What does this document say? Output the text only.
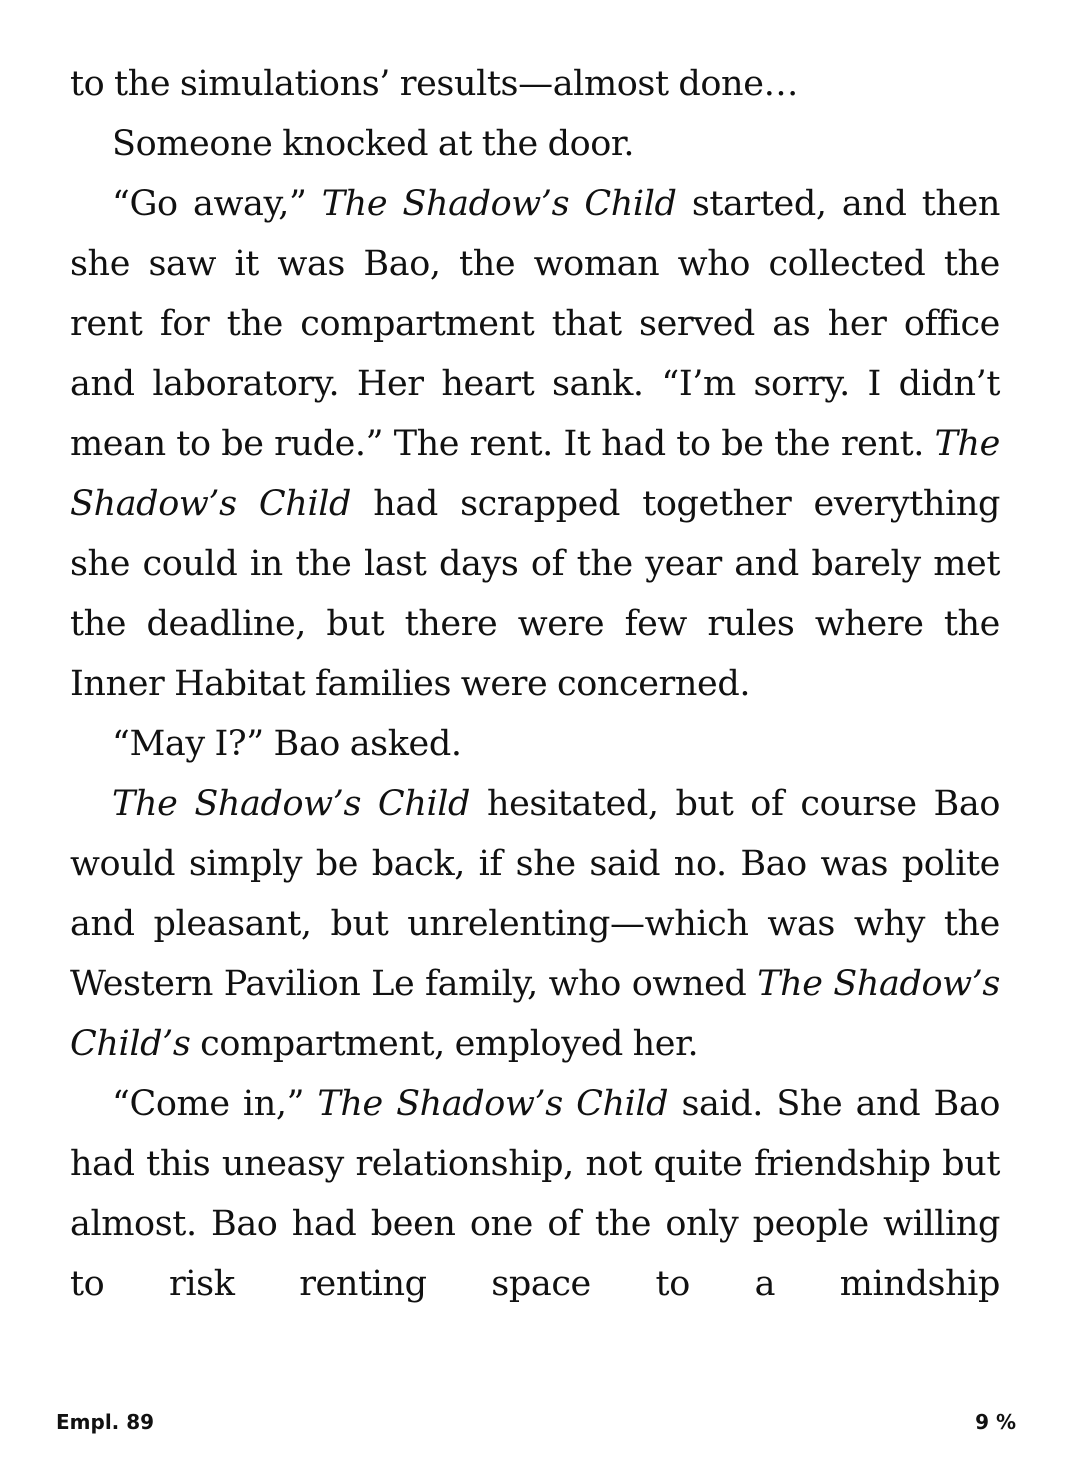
to the simulations’ results—almost done…

Someone knocked at the door.

“Go away,” The Shadow’s Child started, and then she saw it was Bao, the woman who collected the rent for the compartment that served as her office and laboratory. Her heart sank. “I’m sorry. I didn’t mean to be rude.” The rent. It had to be the rent. The Shadow’s Child had scrapped together everything she could in the last days of the year and barely met the deadline, but there were few rules where the Inner Habitat families were concerned.

“May I?” Bao asked.

The Shadow’s Child hesitated, but of course Bao would simply be back, if she said no. Bao was polite and pleasant, but unrelenting—which was why the Western Pavilion Le family, who owned The Shadow’s Child’s compartment, employed her.

“Come in,” The Shadow’s Child said. She and Bao had this uneasy relationship, not quite friendship but almost. Bao had been one of the only people willing to risk renting space to a mindship

Empl. 89	9 %
